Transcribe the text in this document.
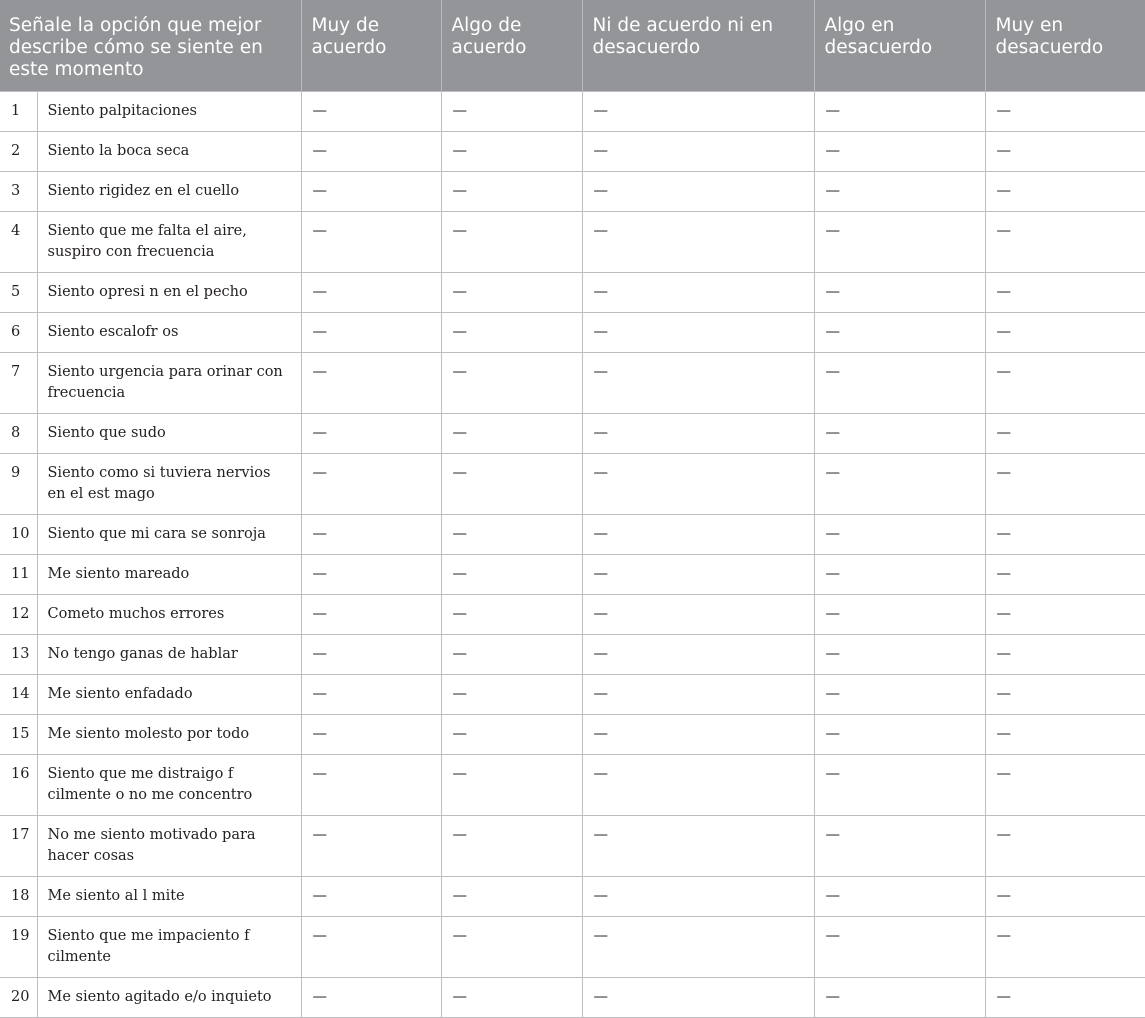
Señale la opción que mejor describe cómo se siente en este momento		Muy de acuerdo	Algo de acuerdo	Ni de acuerdo ni en desacuerdo	Algo en desacuerdo	Muy en desacuerdo
1	Siento palpitaciones	—	—	—	—	—
2	Siento la boca seca	—	—	—	—	—
3	Siento rigidez en el cuello	—	—	—	—	—
4	Siento que me falta el aire, suspiro con frecuencia	—	—	—	—	—
5	Siento opresi n en el pecho	—	—	—	—	—
6	Siento escalofr os	—	—	—	—	—
7	Siento urgencia para orinar con frecuencia	—	—	—	—	—
8	Siento que sudo	—	—	—	—	—
9	Siento como si tuviera nervios en el est mago	—	—	—	—	—
10	Siento que mi cara se sonroja	—	—	—	—	—
11	Me siento mareado	—	—	—	—	—
12	Cometo muchos errores	—	—	—	—	—
13	No tengo ganas de hablar	—	—	—	—	—
14	Me siento enfadado	—	—	—	—	—
15	Me siento molesto por todo	—	—	—	—	—
16	Siento que me distraigo f cilmente o no me concentro	—	—	—	—	—
17	No me siento motivado para hacer cosas	—	—	—	—	—
18	Me siento al l mite	—	—	—	—	—
19	Siento que me impaciento f cilmente	—	—	—	—	—
20	Me siento agitado e/o inquieto	—	—	—	—	—
